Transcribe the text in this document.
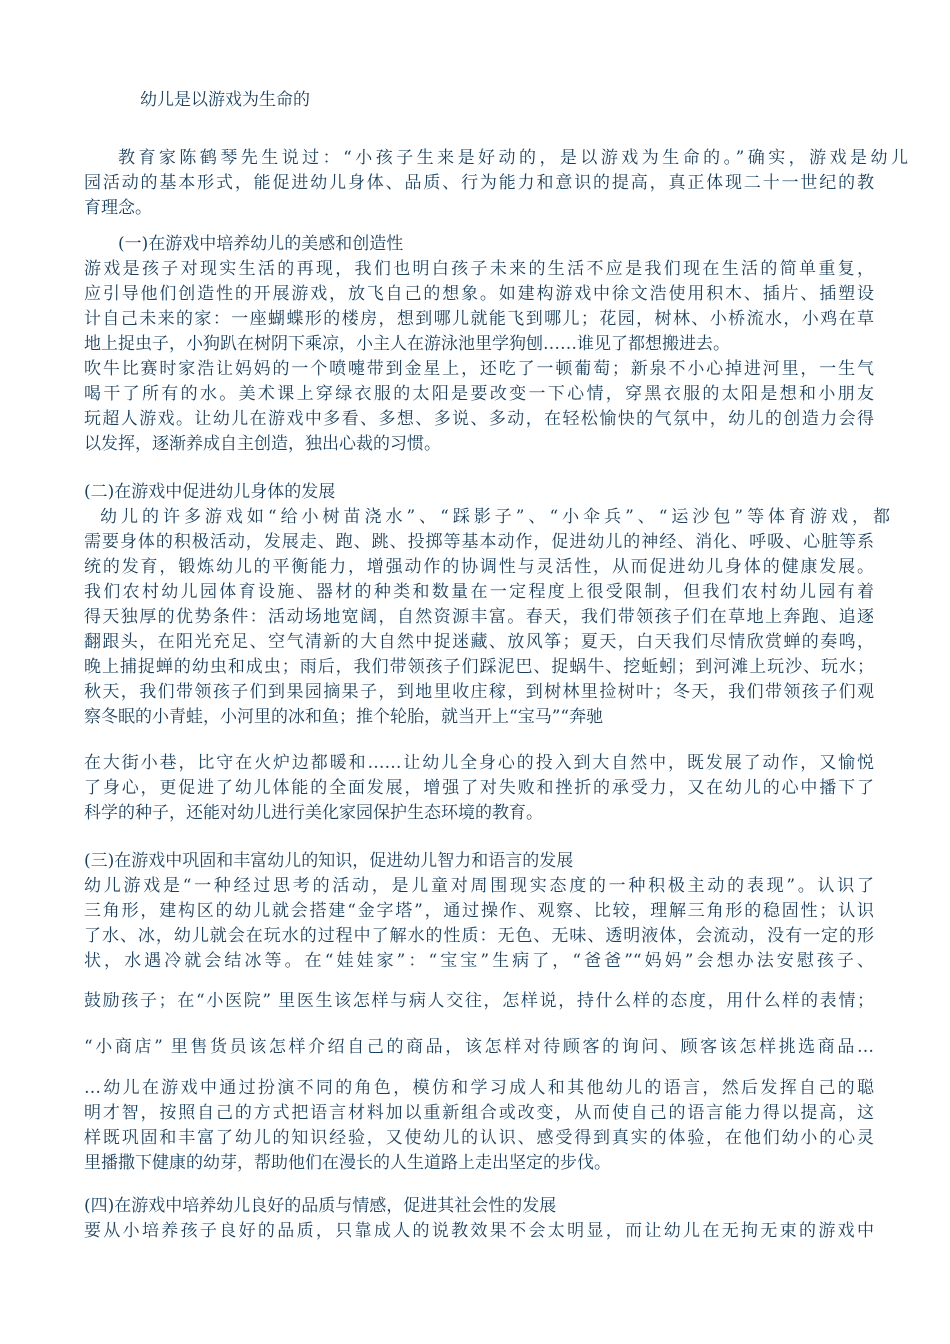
幼儿是以游戏为生命的
教育家陈鹤琴先生说过：“小孩子生来是好动的，是以游戏为生命的。”确实，游戏是幼儿
园活动的基本形式，能促进幼儿身体、品质、行为能力和意识的提高，真正体现二十一世纪的教
育理念。
(一)在游戏中培养幼儿的美感和创造性
游戏是孩子对现实生活的再现，我们也明白孩子未来的生活不应是我们现在生活的简单重复，
应引导他们创造性的开展游戏，放飞自己的想象。如建构游戏中徐文浩使用积木、插片、插塑设
计自己未来的家：一座蝴蝶形的楼房，想到哪儿就能飞到哪儿；花园，树林、小桥流水，小鸡在草
地上捉虫子，小狗趴在树阴下乘凉，小主人在游泳池里学狗刨……谁见了都想搬进去。
吹牛比赛时家浩让妈妈的一个喷嚏带到金星上，还吃了一顿葡萄；新泉不小心掉进河里，一生气
喝干了所有的水。美术课上穿绿衣服的太阳是要改变一下心情，穿黑衣服的太阳是想和小朋友
玩超人游戏。让幼儿在游戏中多看、多想、多说、多动，在轻松愉快的气氛中，幼儿的创造力会得
以发挥，逐渐养成自主创造，独出心裁的习惯。
(二)在游戏中促进幼儿身体的发展
幼儿的许多游戏如“给小树苗浇水”、“踩影子”、“小伞兵”、“运沙包”等体育游戏，都
需要身体的积极活动，发展走、跑、跳、投掷等基本动作，促进幼儿的神经、消化、呼吸、心脏等系
统的发育，锻炼幼儿的平衡能力，增强动作的协调性与灵活性，从而促进幼儿身体的健康发展。
我们农村幼儿园体育设施、器材的种类和数量在一定程度上很受限制，但我们农村幼儿园有着
得天独厚的优势条件：活动场地宽阔，自然资源丰富。春天，我们带领孩子们在草地上奔跑、追逐
翻跟头，在阳光充足、空气清新的大自然中捉迷藏、放风筝；夏天，白天我们尽情欣赏蝉的奏鸣，
晚上捕捉蝉的幼虫和成虫；雨后，我们带领孩子们踩泥巴、捉蜗牛、挖蚯蚓；到河滩上玩沙、玩水；
秋天，我们带领孩子们到果园摘果子，到地里收庄稼，到树林里捡树叶；冬天，我们带领孩子们观
察冬眠的小青蛙，小河里的冰和鱼；推个轮胎，就当开上“宝马”“奔驰
在大街小巷，比守在火炉边都暖和……让幼儿全身心的投入到大自然中，既发展了动作，又愉悦
了身心，更促进了幼儿体能的全面发展，增强了对失败和挫折的承受力，又在幼儿的心中播下了
科学的种子，还能对幼儿进行美化家园保护生态环境的教育。
(三)在游戏中巩固和丰富幼儿的知识，促进幼儿智力和语言的发展
幼儿游戏是“一种经过思考的活动，是儿童对周围现实态度的一种积极主动的表现”。认识了
三角形，建构区的幼儿就会搭建“金字塔”，通过操作、观察、比较，理解三角形的稳固性；认识
了水、冰，幼儿就会在玩水的过程中了解水的性质：无色、无味、透明液体，会流动，没有一定的形
状，水遇冷就会结冰等。在“娃娃家”：“宝宝”生病了，“爸爸”“妈妈”会想办法安慰孩子、
鼓励孩子；在“小医院” 里医生该怎样与病人交往，怎样说，持什么样的态度，用什么样的表情；
“小商店” 里售货员该怎样介绍自己的商品，该怎样对待顾客的询问、顾客该怎样挑选商品…
…幼儿在游戏中通过扮演不同的角色，模仿和学习成人和其他幼儿的语言，然后发挥自己的聪
明才智，按照自己的方式把语言材料加以重新组合或改变，从而使自己的语言能力得以提高，这
样既巩固和丰富了幼儿的知识经验，又使幼儿的认识、感受得到真实的体验，在他们幼小的心灵
里播撒下健康的幼芽，帮助他们在漫长的人生道路上走出坚定的步伐。
(四)在游戏中培养幼儿良好的品质与情感，促进其社会性的发展
要从小培养孩子良好的品质，只靠成人的说教效果不会太明显，而让幼儿在无拘无束的游戏中
